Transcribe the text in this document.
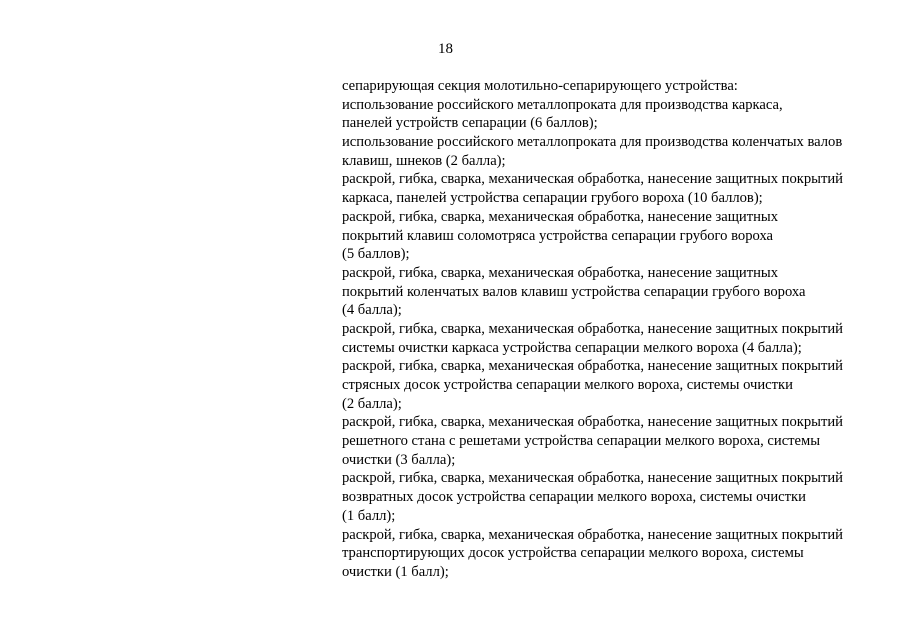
18
сепарирующая секция молотильно-сепарирующего устройства:
использование российского металлопроката для производства каркаса,
панелей устройств сепарации (6 баллов);
использование российского металлопроката для производства коленчатых валов
клавиш, шнеков (2 балла);
раскрой, гибка, сварка, механическая обработка, нанесение защитных покрытий
каркаса, панелей устройства сепарации грубого вороха (10 баллов);
раскрой, гибка, сварка, механическая обработка, нанесение защитных
покрытий клавиш соломотряса устройства сепарации грубого вороха
(5 баллов);
раскрой, гибка, сварка, механическая обработка, нанесение защитных
покрытий коленчатых валов клавиш устройства сепарации грубого вороха
(4 балла);
раскрой, гибка, сварка, механическая обработка, нанесение защитных покрытий
системы очистки каркаса устройства сепарации мелкого вороха (4 балла);
раскрой, гибка, сварка, механическая обработка, нанесение защитных покрытий
стрясных досок устройства сепарации мелкого вороха, системы очистки
(2 балла);
раскрой, гибка, сварка, механическая обработка, нанесение защитных покрытий
решетного стана с решетами устройства сепарации мелкого вороха, системы
очистки (3 балла);
раскрой, гибка, сварка, механическая обработка, нанесение защитных покрытий
возвратных досок устройства сепарации мелкого вороха, системы очистки
(1 балл);
раскрой, гибка, сварка, механическая обработка, нанесение защитных покрытий
транспортирующих досок устройства сепарации мелкого вороха, системы
очистки (1 балл);
